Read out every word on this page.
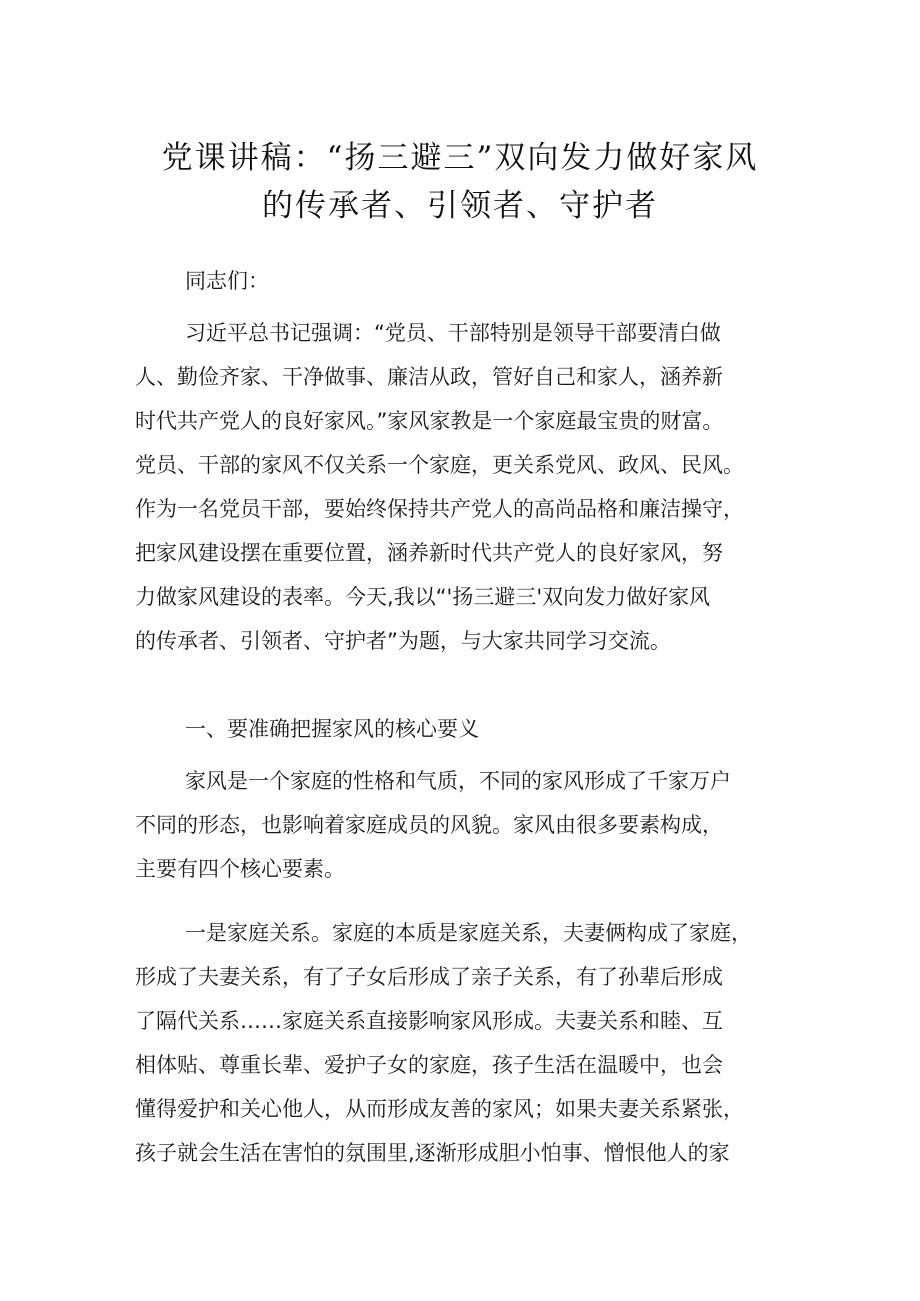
党课讲稿：“扬三避三”双向发力做好家风
的传承者、引领者、守护者
同志们：
习近平总书记强调：“党员、干部特别是领导干部要清白做
人、勤俭齐家、干净做事、廉洁从政，管好自己和家人，涵养新
时代共产党人的良好家风。”家风家教是一个家庭最宝贵的财富。
党员、干部的家风不仅关系一个家庭，更关系党风、政风、民风。
作为一名党员干部，要始终保持共产党人的高尚品格和廉洁操守，
把家风建设摆在重要位置，涵养新时代共产党人的良好家风，努
力做家风建设的表率。今天,我以“'扬三避三'双向发力做好家风
的传承者、引领者、守护者”为题，与大家共同学习交流。
一、要准确把握家风的核心要义
家风是一个家庭的性格和气质，不同的家风形成了千家万户
不同的形态，也影响着家庭成员的风貌。家风由很多要素构成，
主要有四个核心要素。
一是家庭关系。家庭的本质是家庭关系，夫妻俩构成了家庭，
形成了夫妻关系，有了子女后形成了亲子关系，有了孙辈后形成
了隔代关系……家庭关系直接影响家风形成。夫妻关系和睦、互
相体贴、尊重长辈、爱护子女的家庭，孩子生活在温暖中，也会
懂得爱护和关心他人，从而形成友善的家风；如果夫妻关系紧张，
孩子就会生活在害怕的氛围里,逐渐形成胆小怕事、憎恨他人的家
